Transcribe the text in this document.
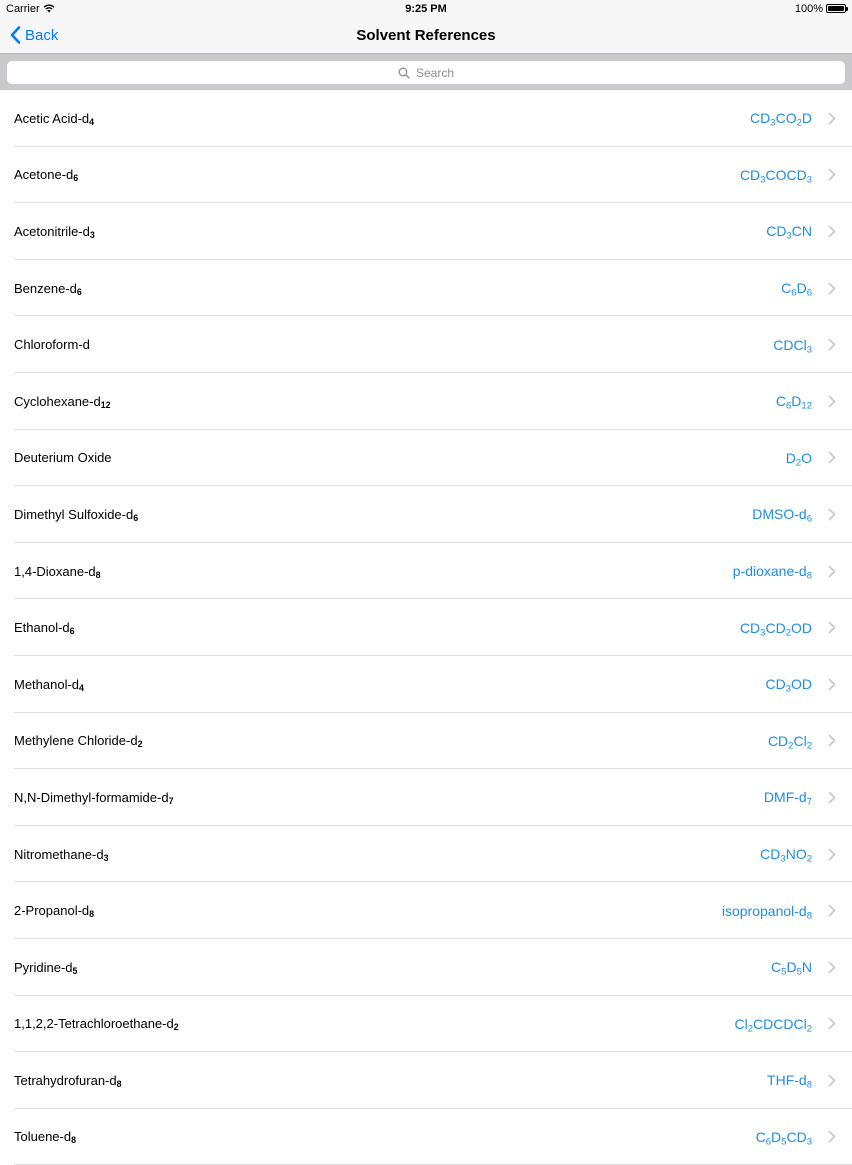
Carrier	9:25 PM	100%
Back	Solvent References
Search
Acetic Acid-$d_4$	$CD_3CO_2D$
Acetone-$d_6$	$CD_3COCD_3$
Acetonitrile-$d_3$	$CD_3CN$
Benzene-$d_6$	$C_6D_6$
Chloroform-d	CDCl$_3$
Cyclohexane-$d_{12}$	$C_6D_{12}$
Deuterium Oxide	$D_2O$
Dimethyl Sulfoxide-$d_6$	DMSO-$d_6$
$1,4-Dioxane-d_8$	$p-dioxane-d_8$
Ethanol-$d_6$	$CD_3CD_2OD$
Methanol-$d_4$	$CD_3OD$
Methylene Chloride-$d_2$	$CD_2Cl_2$
$N,N-Dimethyl-formamide-d_7$	DMF-$d_7$
Nitromethane-$d_3$	$CD_3NO_2$
$2-Propanol-d_8$	isopropanol-$d_8$
Pyridine-$d_5$	$C_5D_5N$
$1,1,2,2-Tetrachloroethane-d_2$	$Cl_2CDCDCl_2$
Tetrahydrofuran-$d_8$	THF-$d_8$
Toluene-$d_8$	$C_6D_5CD_3$
